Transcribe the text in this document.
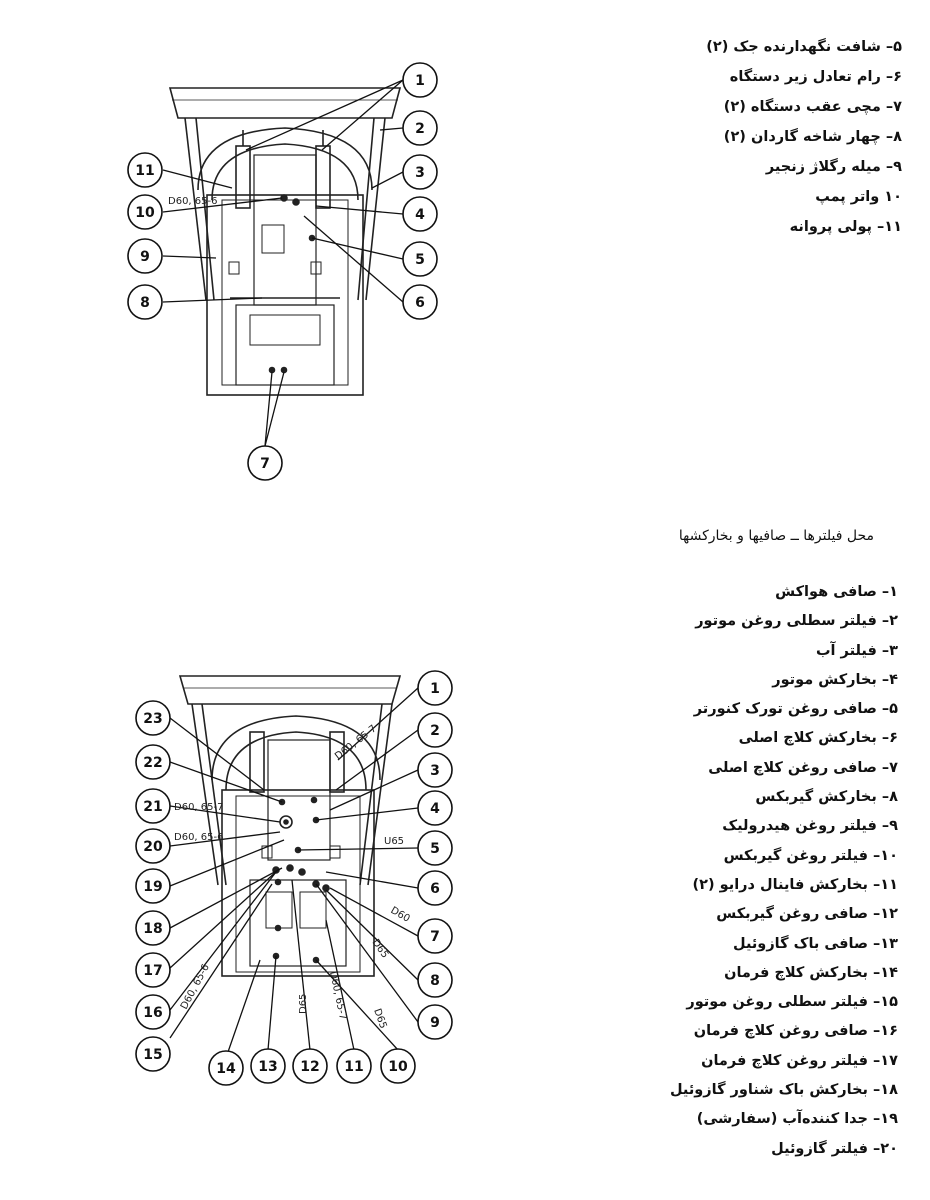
D60, 65-6
1
2
3
4
5
6
7
8
9
10
11
۵– شافت نگهدارنده جک (۲)
۶– رام تعادل زیر دستگاه
۷– مچی عقب دستگاه (۲)
۸– چهار شاخه گاردان (۲)
۹– میله رگلاژ زنجیر
۱۰ واتر پمپ
۱۱– پولی پروانه
محل فیلترها ــ صافیها و بخارکشها
D60, 65-7
D60, 65-7
D60, 65-6	U65
D60
D65
D60, 65-6	D65 D60, 65-7 D65
1
2
3
4
5
6
7
8
9
10
11
12
13
14
15
16
17
18
19
20
21
22
23
۱– صافی هواکش
۲– فیلتر سطلی روغن موتور
۳– فیلتر آب
۴– بخارکش موتور
۵– صافی روغن تورک کنورتر
۶– بخارکش کلاچ اصلی
۷– صافی روغن کلاچ اصلی
۸– بخارکش گیربکس
۹– فیلتر روغن هیدرولیک
۱۰– فیلتر روغن گیربکس
۱۱– بخارکش فاینال درایو (۲)
۱۲– صافی روغن گیربکس
۱۳– صافی باک گازوئیل
۱۴– بخارکش کلاچ فرمان
۱۵– فیلتر سطلی روغن موتور
۱۶– صافی روغن کلاچ فرمان
۱۷– فیلتر روغن کلاچ فرمان
۱۸– بخارکش باک شناور گازوئیل
۱۹– جدا کننده‌آب (سفارشی)
۲۰– فیلتر گازوئیل
